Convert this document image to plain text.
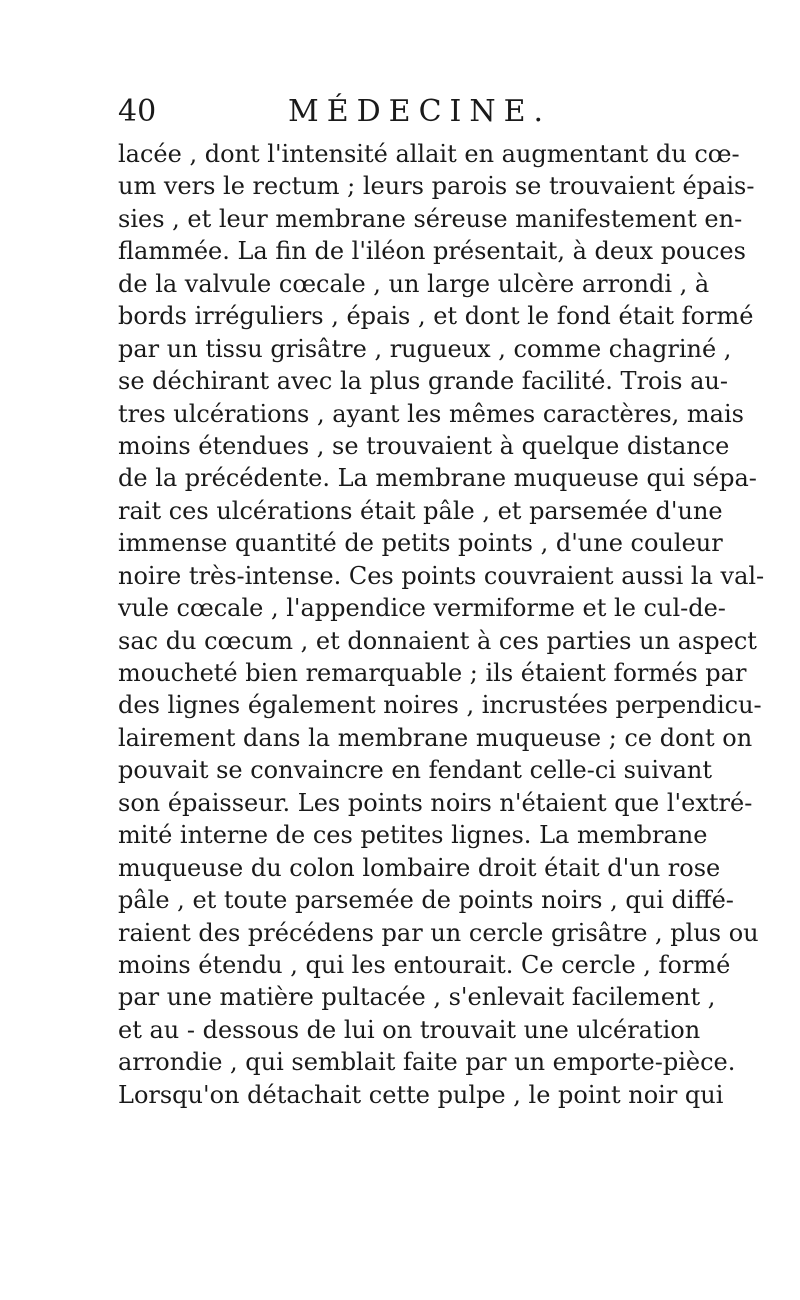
40	MÉDECINE.
lacée , dont l'intensité allait en augmentant du cœ-
um vers le rectum ; leurs parois se trouvaient épais-
sies , et leur membrane séreuse manifestement en-
flammée. La fin de l'iléon présentait, à deux pouces
de la valvule cœcale , un large ulcère arrondi , à
bords irréguliers , épais , et dont le fond était formé
par un tissu grisâtre , rugueux , comme chagriné ,
se déchirant avec la plus grande facilité. Trois au-
tres ulcérations , ayant les mêmes caractères, mais
moins étendues , se trouvaient à quelque distance
de la précédente. La membrane muqueuse qui sépa-
rait ces ulcérations était pâle , et parsemée d'une
immense quantité de petits points , d'une couleur
noire très-intense. Ces points couvraient aussi la val-
vule cœcale , l'appendice vermiforme et le cul-de-
sac du cœcum , et donnaient à ces parties un aspect
moucheté bien remarquable ; ils étaient formés par
des lignes également noires , incrustées perpendicu-
lairement dans la membrane muqueuse ; ce dont on
pouvait se convaincre en fendant celle-ci suivant
son épaisseur. Les points noirs n'étaient que l'extré-
mité interne de ces petites lignes. La membrane
muqueuse du colon lombaire droit était d'un rose
pâle , et toute parsemée de points noirs , qui diffé-
raient des précédens par un cercle grisâtre , plus ou
moins étendu , qui les entourait. Ce cercle , formé
par une matière pultacée , s'enlevait facilement ,
et au - dessous de lui on trouvait une ulcération
arrondie , qui semblait faite par un emporte-pièce.
Lorsqu'on détachait cette pulpe , le point noir qui
